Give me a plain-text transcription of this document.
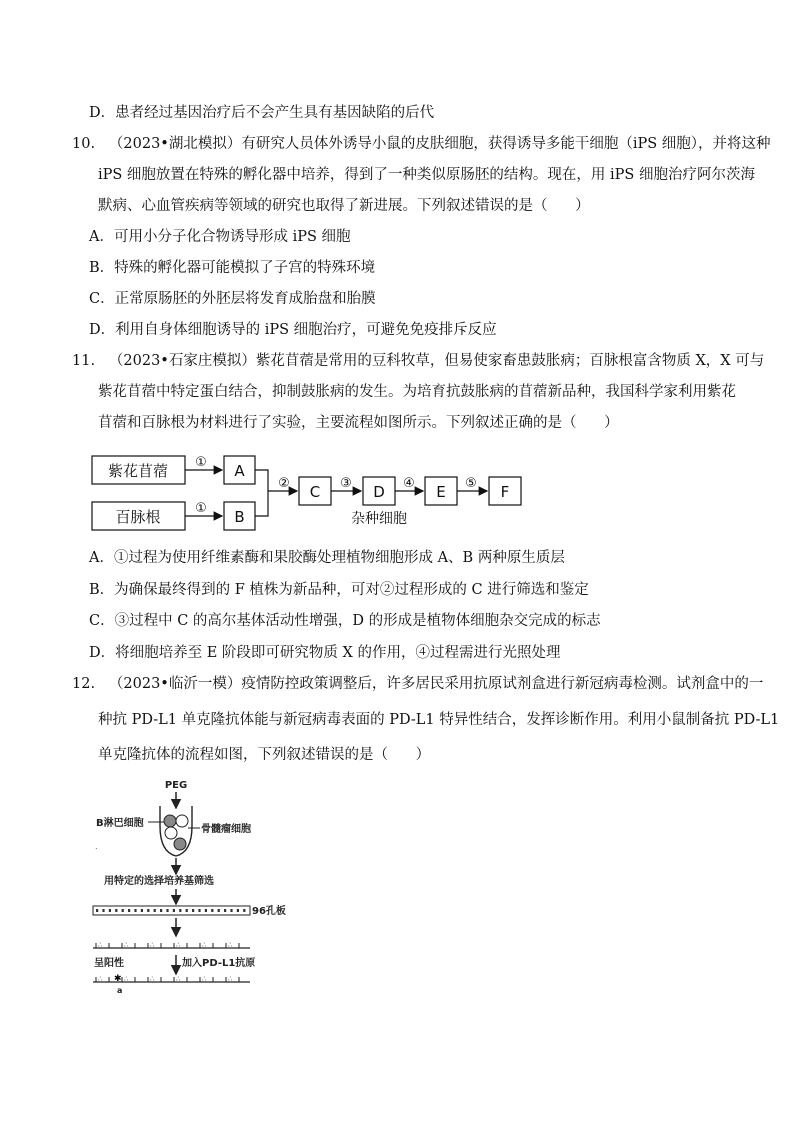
D．患者经过基因治疗后不会产生具有基因缺陷的后代
10.   （2023•湖北模拟）有研究人员体外诱导小鼠的皮肤细胞，获得诱导多能干细胞（iPS 细胞），并将这种
iPS 细胞放置在特殊的孵化器中培养，得到了一种类似原肠胚的结构。现在，用 iPS 细胞治疗阿尔茨海
默病、心血管疾病等领域的研究也取得了新进展。下列叙述错误的是（      ）
A．可用小分子化合物诱导形成 iPS 细胞
B．特殊的孵化器可能模拟了子宫的特殊环境
C．正常原肠胚的外胚层将发育成胎盘和胎膜
D．利用自身体细胞诱导的 iPS 细胞治疗，可避免免疫排斥反应
11.   （2023•石家庄模拟）紫花苜蓿是常用的豆科牧草，但易使家畜患鼓胀病；百脉根富含物质 X，X 可与
紫花苜蓿中特定蛋白结合，抑制鼓胀病的发生。为培育抗鼓胀病的苜蓿新品种，我国科学家利用紫花
苜蓿和百脉根为材料进行了实验，主要流程如图所示。下列叙述正确的是（      ）
紫花苜蓿
百脉根
A
B
C	D	E	F
杂种细胞
①
①
②	③	④	⑤
A．①过程为使用纤维素酶和果胶酶处理植物细胞形成 A、B 两种原生质层
B．为确保最终得到的 F 植株为新品种，可对②过程形成的 C 进行筛选和鉴定
C．③过程中 C 的高尔基体活动性增强，D 的形成是植物体细胞杂交完成的标志
D．将细胞培养至 E 阶段即可研究物质 X 的作用，④过程需进行光照处理
12.   （2023•临沂一模）疫情防控政策调整后，许多居民采用抗原试剂盒进行新冠病毒检测。试剂盒中的一
种抗 PD-L1 单克隆抗体能与新冠病毒表面的 PD-L1 特异性结合，发挥诊断作用。利用小鼠制备抗 PD-L1
单克隆抗体的流程如图，下列叙述错误的是（      ）
PEG
B淋巴细胞
骨髓瘤细胞
.
用特定的选择培养基筛选
96孔板
∴	∴	∴	∴	∴	∴
呈阳性	加入PD-L1抗原
∴	∴	∴	∴	∴	∴
✱
a
